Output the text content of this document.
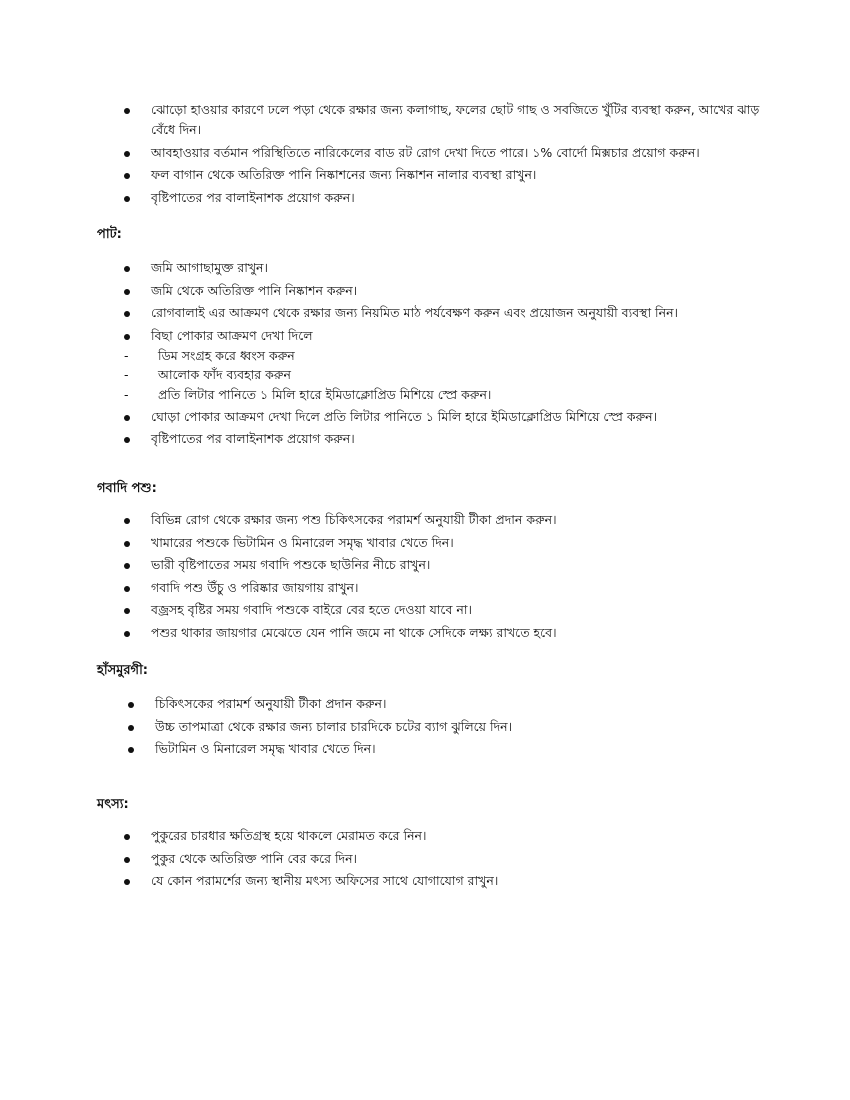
ঝোড়ো হাওয়ার কারণে ঢলে পড়া থেকে রক্ষার জন্য কলাগাছ, ফলের ছোট গাছ ও সবজিতে খুঁটির ব্যবস্থা করুন, আখের ঝাড় বেঁধে দিন।
আবহাওয়ার বর্তমান পরিস্থিতিতে নারিকেলের বাড রট রোগ দেখা দিতে পারে। ১% বোর্দো মিক্সচার প্রয়োগ করুন।
ফল বাগান থেকে অতিরিক্ত পানি নিষ্কাশনের জন্য নিষ্কাশন নালার ব্যবস্থা রাখুন।
বৃষ্টিপাতের পর বালাইনাশক প্রয়োগ করুন।
পাট:
জমি আগাছামুক্ত রাখুন।
জমি থেকে অতিরিক্ত পানি নিষ্কাশন করুন।
রোগবালাই এর আক্রমণ থেকে রক্ষার জন্য নিয়মিত মাঠ পর্যবেক্ষণ করুন এবং প্রয়োজন অনুযায়ী ব্যবস্থা নিন।
বিছা পোকার আক্রমণ দেখা দিলে
- ডিম সংগ্রহ করে ধ্বংস করুন
- আলোক ফাঁদ ব্যবহার করুন
- প্রতি লিটার পানিতে ১ মিলি হারে ইমিডাক্লোপ্রিড মিশিয়ে স্প্রে করুন।
ঘোড়া পোকার আক্রমণ দেখা দিলে প্রতি লিটার পানিতে ১ মিলি হারে ইমিডাক্লোপ্রিড মিশিয়ে স্প্রে করুন।
বৃষ্টিপাতের পর বালাইনাশক প্রয়োগ করুন।
গবাদি পশু:
বিভিন্ন রোগ থেকে রক্ষার জন্য পশু চিকিৎসকের পরামর্শ অনুযায়ী টীকা প্রদান করুন।
খামারের পশুকে ভিটামিন ও মিনারেল সমৃদ্ধ খাবার খেতে দিন।
ভারী বৃষ্টিপাতের সময় গবাদি পশুকে ছাউনির নীচে রাখুন।
গবাদি পশু উঁচু ও পরিষ্কার জায়গায় রাখুন।
বজ্রসহ বৃষ্টির সময় গবাদি পশুকে বাইরে বের হতে দেওয়া যাবে না।
পশুর থাকার জায়গার মেঝেতে যেন পানি জমে না থাকে সেদিকে লক্ষ্য রাখতে হবে।
হাঁসমুরগী:
চিকিৎসকের পরামর্শ অনুযায়ী টীকা প্রদান করুন।
উচ্চ তাপমাত্রা থেকে রক্ষার জন্য চালার চারদিকে চটের ব্যাগ ঝুলিয়ে দিন।
ভিটামিন ও মিনারেল সমৃদ্ধ খাবার খেতে দিন।
মৎস্য:
পুকুরের চারধার ক্ষতিগ্রস্থ হয়ে থাকলে মেরামত করে নিন।
পুকুর থেকে অতিরিক্ত পানি বের করে দিন।
যে কোন পরামর্শের জন্য স্থানীয় মৎস্য অফিসের সাথে যোগাযোগ রাখুন।
